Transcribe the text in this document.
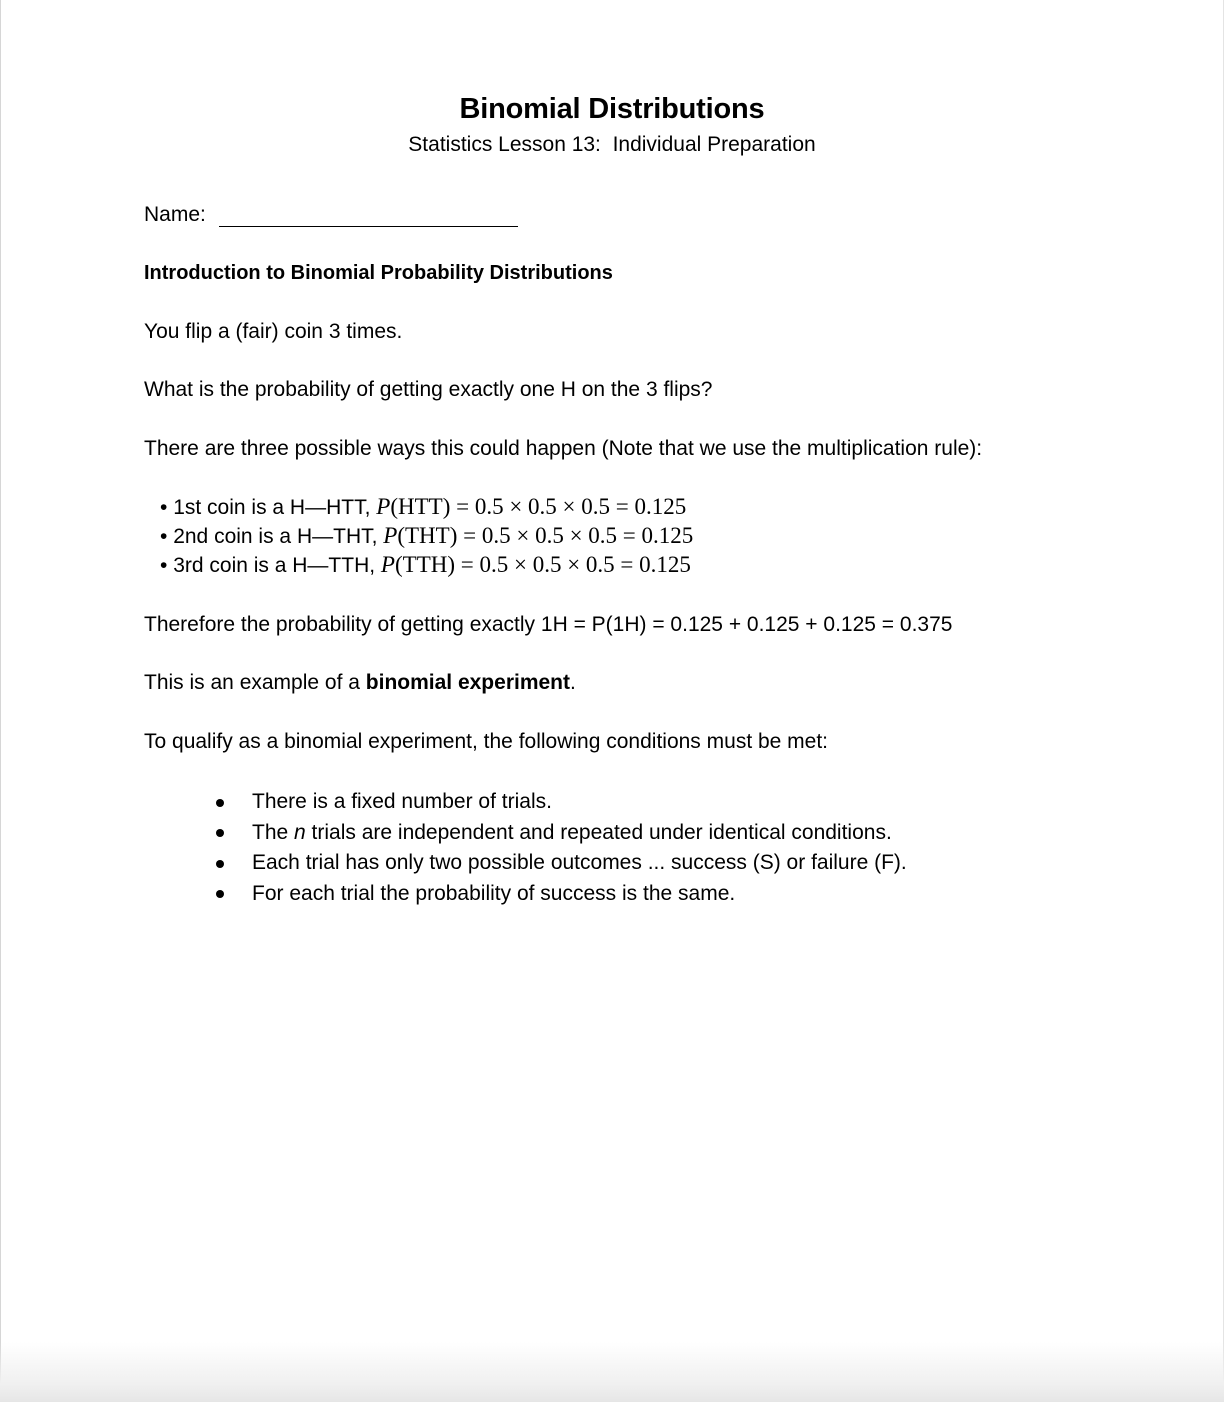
Binomial Distributions
Statistics Lesson 13:  Individual Preparation
Name:
Introduction to Binomial Probability Distributions
You flip a (fair) coin 3 times.
What is the probability of getting exactly one H on the 3 flips?
There are three possible ways this could happen (Note that we use the multiplication rule):
• 1st coin is a H—HTT, P(HTT) = 0.5 × 0.5 × 0.5 = 0.125
• 2nd coin is a H—THT, P(THT) = 0.5 × 0.5 × 0.5 = 0.125
• 3rd coin is a H—TTH, P(TTH) = 0.5 × 0.5 × 0.5 = 0.125
Therefore the probability of getting exactly 1H = P(1H) = 0.125 + 0.125 + 0.125 = 0.375
This is an example of a binomial experiment.
To qualify as a binomial experiment, the following conditions must be met:
There is a fixed number of trials.
The n trials are independent and repeated under identical conditions.
Each trial has only two possible outcomes ... success (S) or failure (F).
For each trial the probability of success is the same.
